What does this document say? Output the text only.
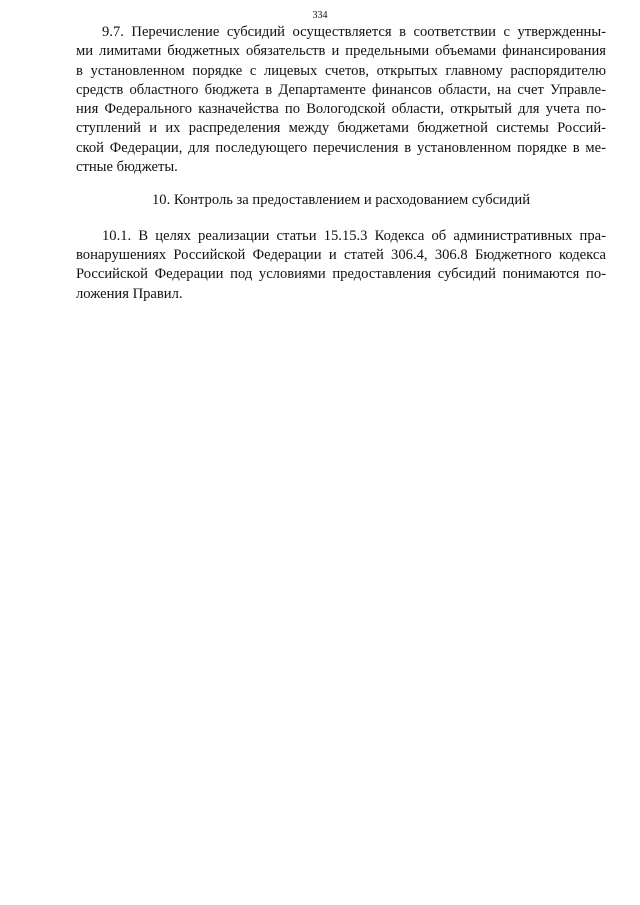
334

9.7. Перечисление субсидий осуществляется в соответствии с утвержденны-
ми лимитами бюджетных обязательств и предельными объемами финансирования
в установленном порядке с лицевых счетов, открытых главному распорядителю
средств областного бюджета в Департаменте финансов области, на счет Управле-
ния Федерального казначейства по Вологодской области, открытый для учета по-
ступлений и их распределения между бюджетами бюджетной системы Россий-
ской Федерации, для последующего перечисления в установленном порядке в ме-
стные бюджеты.

10. Контроль за предоставлением и расходованием субсидий

10.1. В целях реализации статьи 15.15.3 Кодекса об административных пра-
вонарушениях Российской Федерации и статей 306.4, 306.8 Бюджетного кодекса
Российской Федерации под условиями предоставления субсидий понимаются по-
ложения Правил.
